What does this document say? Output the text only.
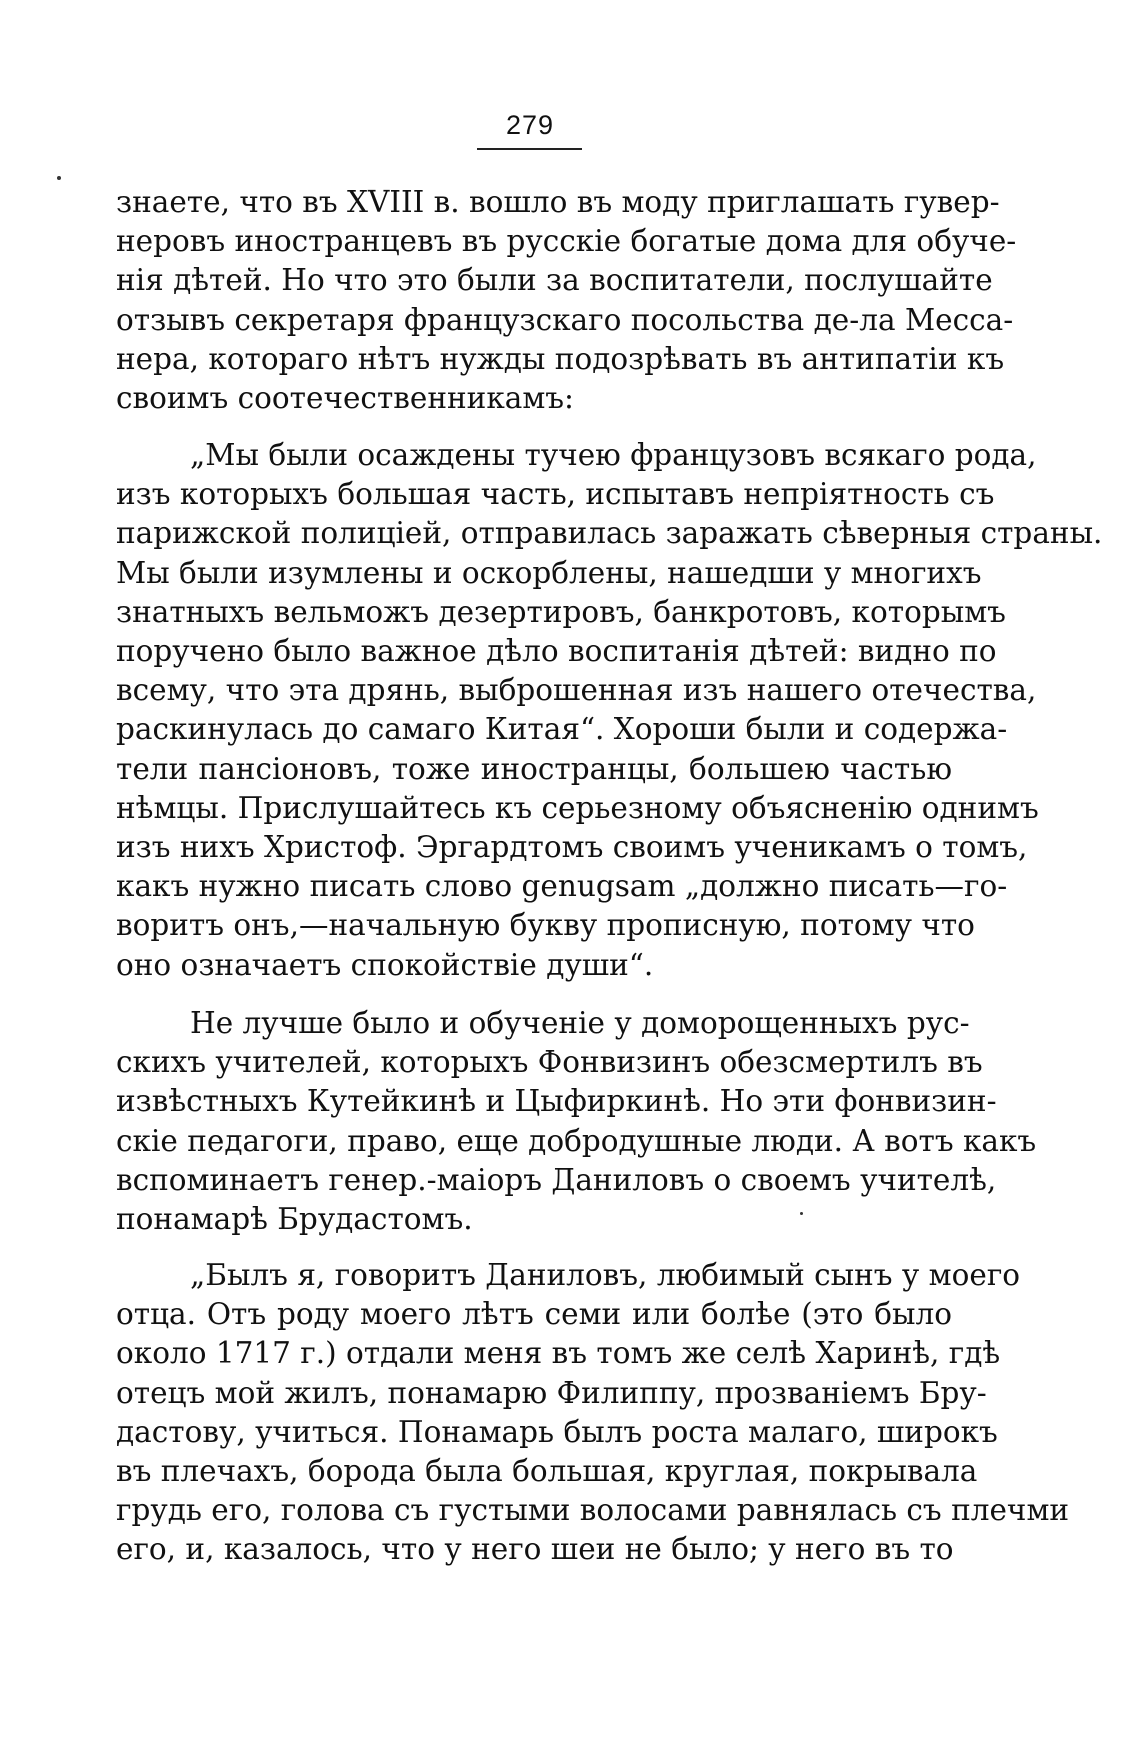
279

знаете, что въ XVIII в. вошло въ моду приглашать гувер-

неровъ иностранцевъ въ русскіе богатые дома для обуче-

нія дѣтей. Но что это были за воспитатели, послушайте

отзывъ секретаря французскаго посольства де-ла Месса-

нера, котораго нѣтъ нужды подозрѣвать въ антипатіи къ

своимъ соотечественникамъ:

„Мы были осаждены тучею французовъ всякаго рода,

изъ которыхъ большая часть, испытавъ непріятность съ

парижской полиціей, отправилась заражать сѣверныя страны.

Мы были изумлены и оскорблены, нашедши у многихъ

знатныхъ вельможъ дезертировъ, банкротовъ, которымъ

поручено было важное дѣло воспитанія дѣтей: видно по

всему, что эта дрянь, выброшенная изъ нашего отечества,

раскинулась до самаго Китая“. Хороши были и содержа-

тели пансіоновъ, тоже иностранцы, большею частью

нѣмцы. Прислушайтесь къ серьезному объясненію однимъ

изъ нихъ Христоф. Эргардтомъ своимъ ученикамъ о томъ,

какъ нужно писать слово genugsam „должно писать—го-

воритъ онъ,—начальную букву прописную, потому что

оно означаетъ спокойствіе души“.

Не лучше было и обученіе у доморощенныхъ рус-

скихъ учителей, которыхъ Фонвизинъ обезсмертилъ въ

извѣстныхъ Кутейкинѣ и Цыфиркинѣ. Но эти фонвизин-

скіе педагоги, право, еще добродушные люди. А вотъ какъ

вспоминаетъ генер.-маіоръ Даниловъ о своемъ учителѣ,

понамарѣ Брудастомъ.

„Былъ я, говоритъ Даниловъ, любимый сынъ у моего

отца. Отъ роду моего лѣтъ семи или болѣе (это было

около 1717 г.) отдали меня въ томъ же селѣ Харинѣ, гдѣ

отецъ мой жилъ, понамарю Филиппу, прозваніемъ Бру-

дастову, учиться. Понамарь былъ роста малаго, широкъ

въ плечахъ, борода была большая, круглая, покрывала

грудь его, голова съ густыми волосами равнялась съ плечми

его, и, казалось, что у него шеи не было; у него въ то
